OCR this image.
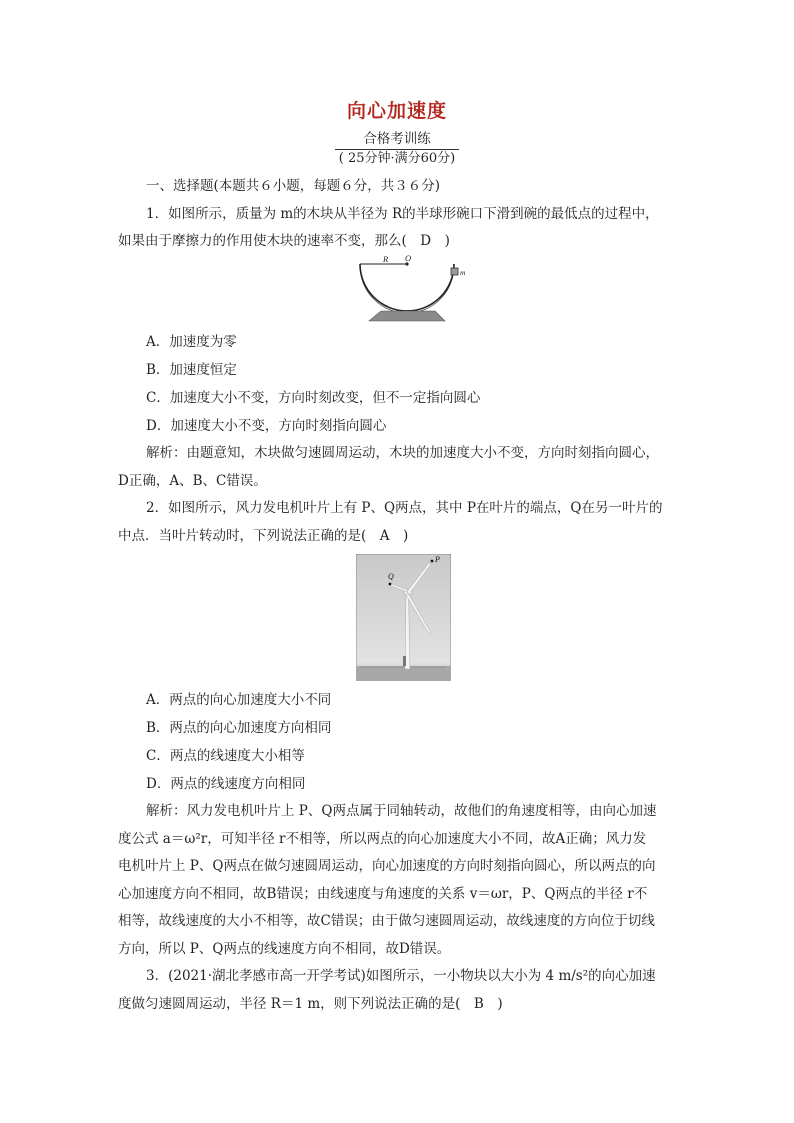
向心加速度
合格考训练
( 25分钟·满分60分)

一、选择题(本题共６小题，每题６分，共３６分)

1．如图所示，质量为 m的木块从半径为 R的半球形碗口下滑到碗的最低点的过程中，

如果由于摩擦力的作用使木块的速率不变，那么(　D　)

R O
m

A．加速度为零

B．加速度恒定

C．加速度大小不变，方向时刻改变，但不一定指向圆心

D．加速度大小不变，方向时刻指向圆心

解析：由题意知，木块做匀速圆周运动，木块的加速度大小不变，方向时刻指向圆心，

D正确，A、B、C错误。

2．如图所示，风力发电机叶片上有 P、Q两点，其中 P在叶片的端点，Q在另一叶片的

中点．当叶片转动时，下列说法正确的是(　A　)

P
Q

A．两点的向心加速度大小不同

B．两点的向心加速度方向相同

C．两点的线速度大小相等

D．两点的线速度方向相同

解析：风力发电机叶片上 P、Q两点属于同轴转动，故他们的角速度相等，由向心加速

度公式 a＝ω²r，可知半径 r不相等，所以两点的向心加速度大小不同，故A正确；风力发

电机叶片上 P、Q两点在做匀速圆周运动，向心加速度的方向时刻指向圆心，所以两点的向

心加速度方向不相同，故B错误；由线速度与角速度的关系 v＝ωr，P、Q两点的半径 r不

相等，故线速度的大小不相等，故C错误；由于做匀速圆周运动，故线速度的方向位于切线

方向，所以 P、Q两点的线速度方向不相同，故D错误。

3．(2021·湖北孝感市高一开学考试)如图所示，一小物块以大小为 4 m/s²的向心加速

度做匀速圆周运动，半径 R＝1 m，则下列说法正确的是(　B　)
